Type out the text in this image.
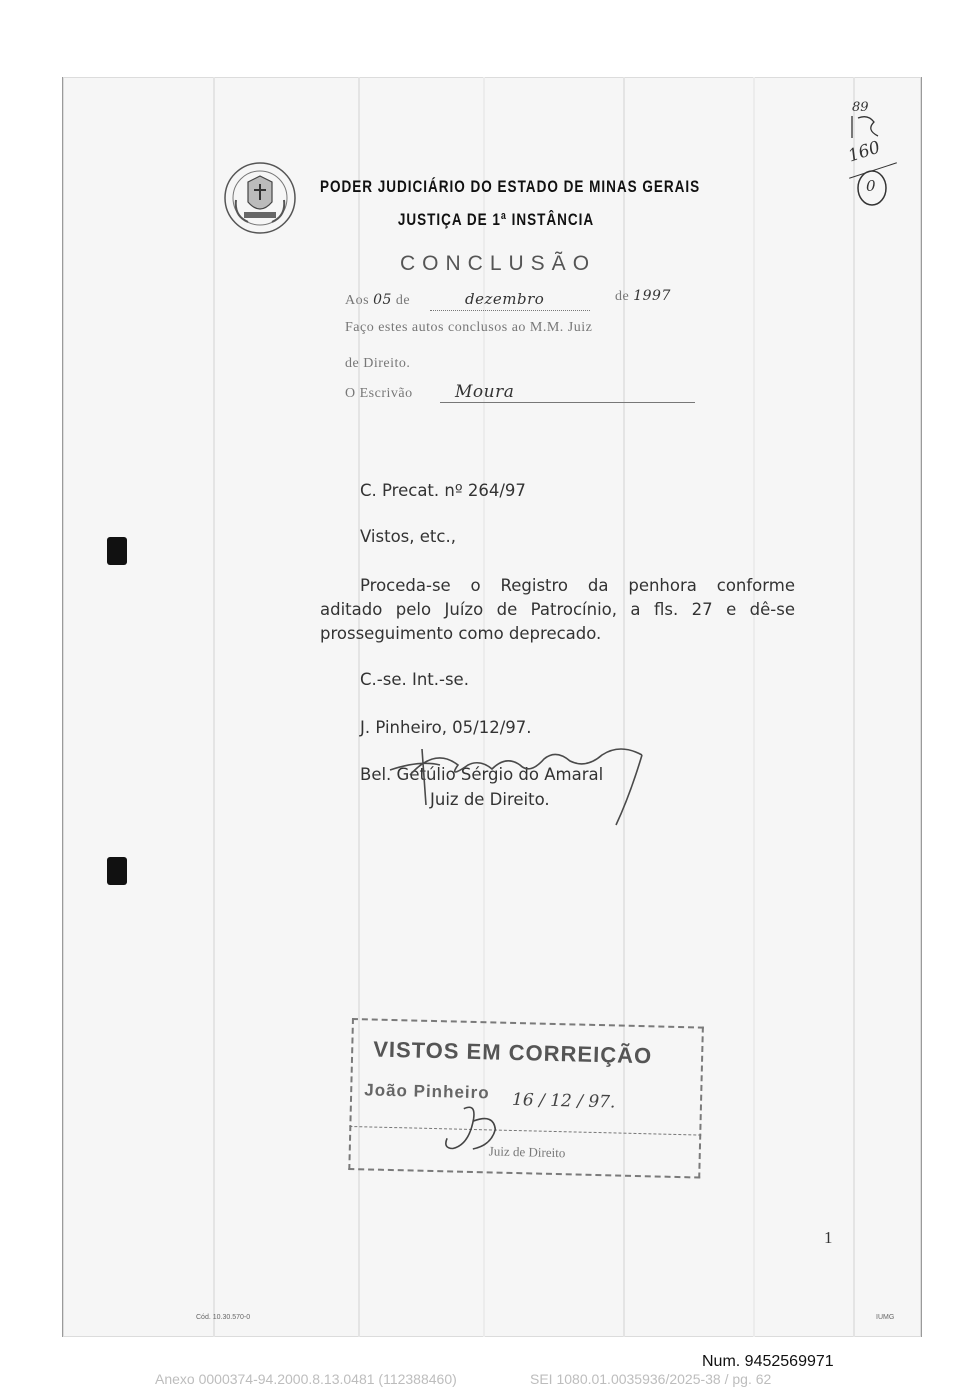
PODER JUDICIÁRIO DO ESTADO DE MINAS GERAIS
JUSTIÇA DE 1ª INSTÂNCIA
CONCLUSÃO
Aos 05 de	dezembro	de 1997
Faço estes autos conclusos ao M.M. Juiz
de Direito.
O Escrivão Moura
C. Precat. nº 264/97
Vistos, etc.,
Proceda-se o Registro da penhora conforme
aditado pelo Juízo de Patrocínio, a fls. 27 e dê-se
prosseguimento como deprecado.
C.-se. Int.-se.
J. Pinheiro, 05/12/97.
Bel. Getúlio Sérgio do Amaral
Juiz de Direito.
VISTOS EM CORREIÇÃO
João Pinheiro 16 / 12 / 97.
Juiz de Direito
89
160
0
Cód. 10.30.570-0	IUMG
1
Num. 9452569971
Anexo 0000374-94.2000.8.13.0481 (112388460)	SEI 1080.01.0035936/2025-38 / pg. 62
